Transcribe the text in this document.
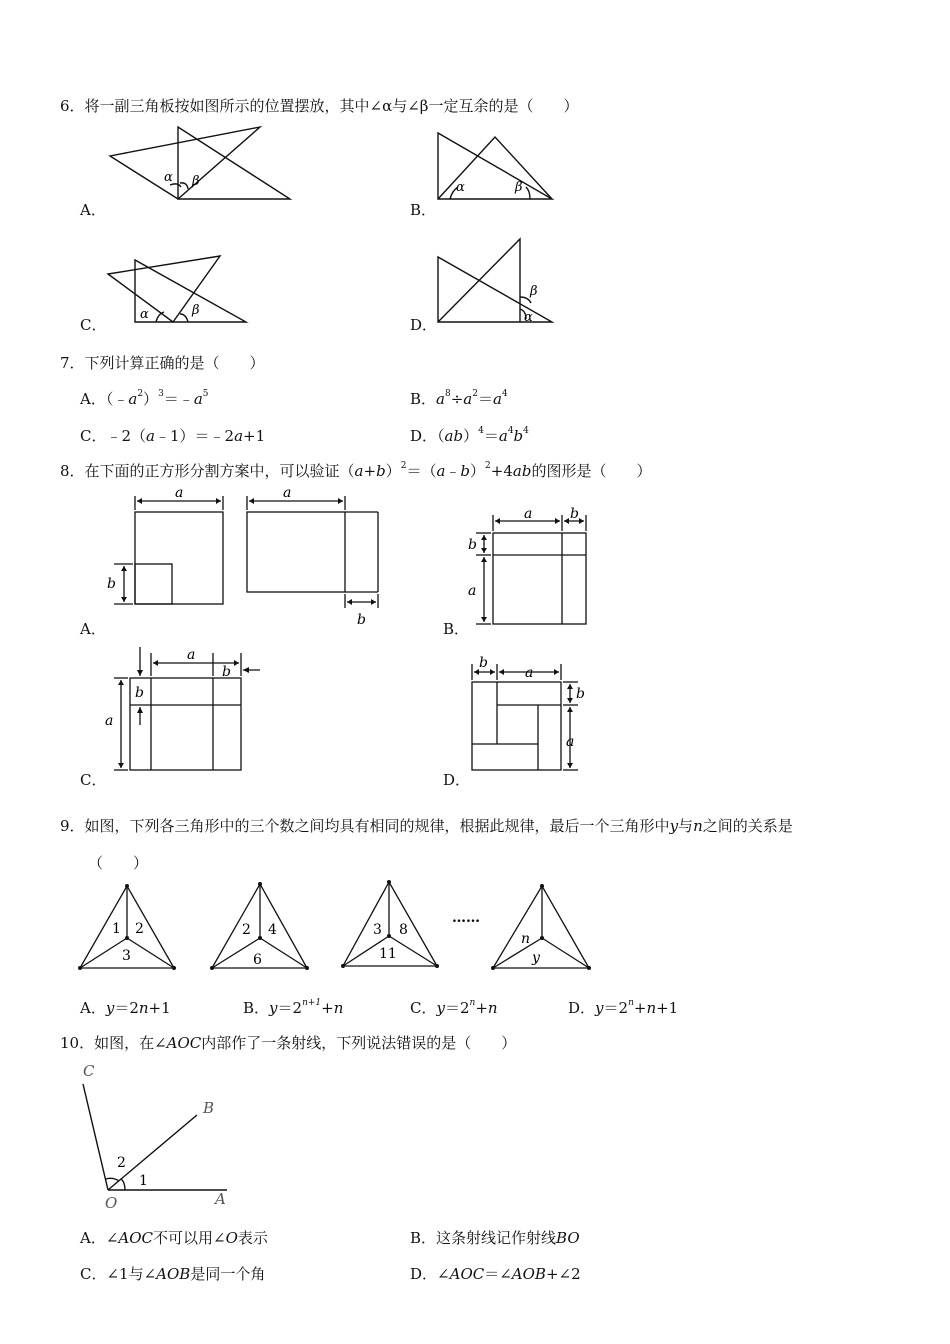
6．将一副三角板按如图所示的位置摆放，其中∠α与∠β一定互余的是（　　）
α β
A．
α	β
B．
α	β
C．
β
α
D．
7．下列计算正确的是（　　）
A．$(﹣a^2)^3=﹣a^5$	B．$a^8\div a^2=a^4$
C．﹣2（a﹣1）＝﹣2a+1	D．$(ab)^4=a^4b^4$
8．在下面的正方形分割方案中，可以验证$(a+b)^2=(a﹣b)^2+4ab$的图形是（　　）
a
b
a
b
A．
a	b
b
a
B．
a
b
b
a
C．
b
a
b
a
D．
9．如图，下列各三角形中的三个数之间均具有相同的规律，根据此规律，最后一个三角形中y与n之间的关系是
（　　）
1 2
3
2 4
6
3 8
11
n
y
……
A．y＝2n+1	B．$y=2^{n+1}+n$	C．$y=2^n+n$	D．$y=2^n+n+1$
10．如图，在∠AOC内部作了一条射线，下列说法错误的是（　　）
C
B
O	A
1
2
A．∠AOC不可以用∠O表示	B．这条射线记作射线BO
C．∠1与∠AOB是同一个角	D．∠AOC＝∠AOB+∠2
